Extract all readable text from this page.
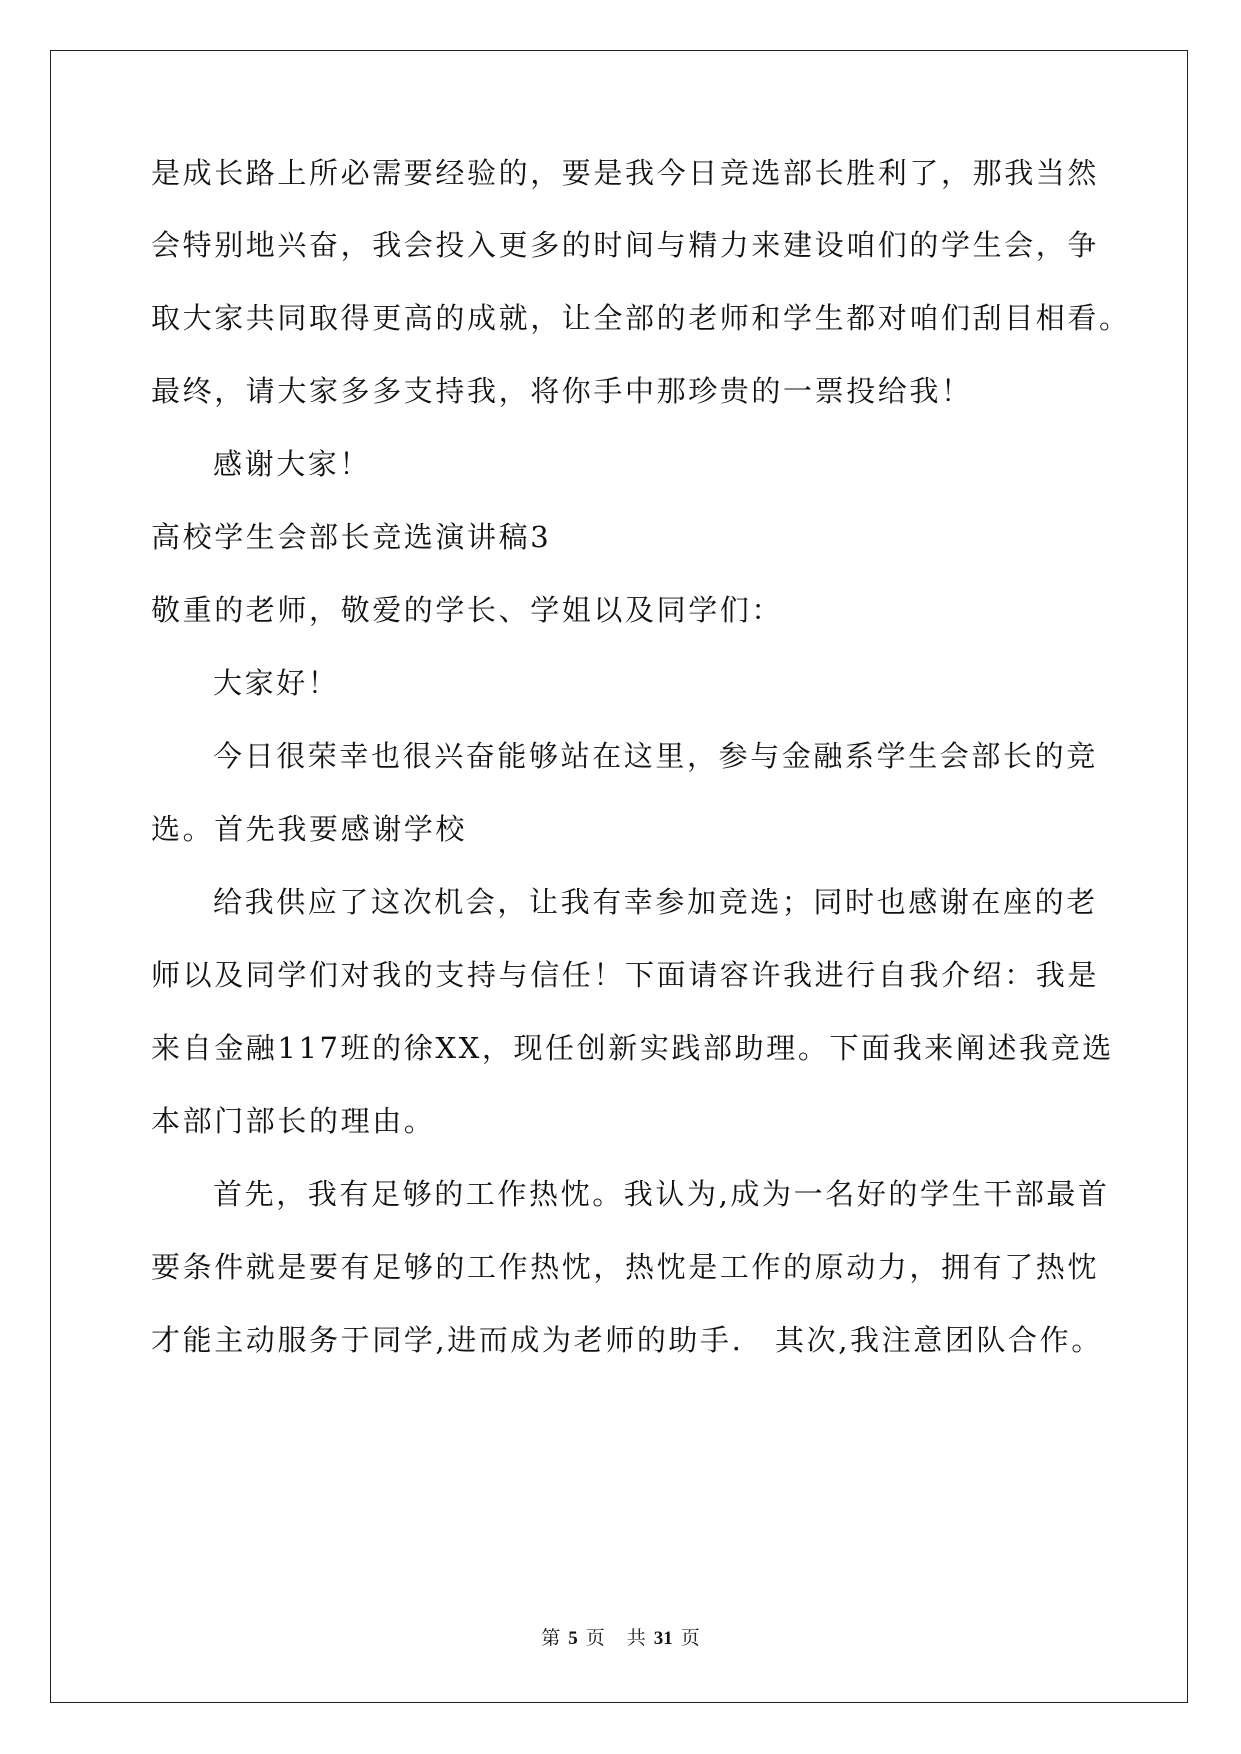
是成长路上所必需要经验的，要是我今日竞选部长胜利了，那我当然
会特别地兴奋，我会投入更多的时间与精力来建设咱们的学生会，争
取大家共同取得更高的成就，让全部的老师和学生都对咱们刮目相看。
最终，请大家多多支持我，将你手中那珍贵的一票投给我！
感谢大家！
高校学生会部长竞选演讲稿3
敬重的老师，敬爱的学长、学姐以及同学们：
大家好！
今日很荣幸也很兴奋能够站在这里，参与金融系学生会部长的竞
选。首先我要感谢学校
给我供应了这次机会，让我有幸参加竞选；同时也感谢在座的老
师以及同学们对我的支持与信任！下面请容许我进行自我介绍：我是
来自金融117班的徐XX，现任创新实践部助理。下面我来阐述我竞选
本部门部长的理由。
首先，我有足够的工作热忱。我认为,成为一名好的学生干部最首
要条件就是要有足够的工作热忱，热忱是工作的原动力，拥有了热忱
才能主动服务于同学,进而成为老师的助手.　其次,我注意团队合作。
第 5 页 共 31 页
